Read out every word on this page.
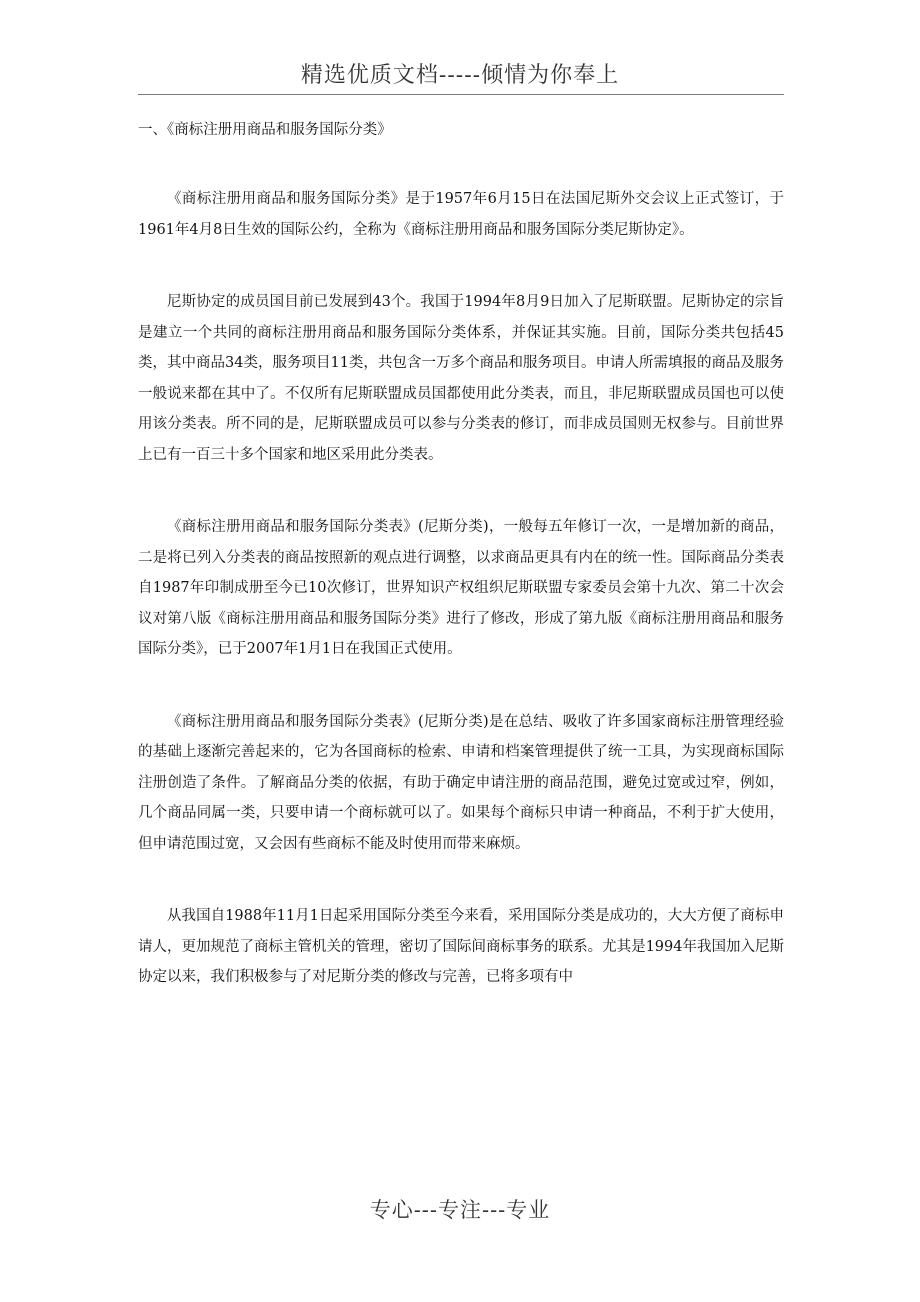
精选优质文档-----倾情为你奉上

一、《商标注册用商品和服务国际分类》

《商标注册用商品和服务国际分类》是于1957年6月15日在法国尼斯外交会议上正式签订，于1961年4月8日生效的国际公约，全称为《商标注册用商品和服务国际分类尼斯协定》。

尼斯协定的成员国目前已发展到43个。我国于1994年8月9日加入了尼斯联盟。尼斯协定的宗旨是建立一个共同的商标注册用商品和服务国际分类体系，并保证其实施。目前，国际分类共包括45类，其中商品34类，服务项目11类，共包含一万多个商品和服务项目。申请人所需填报的商品及服务一般说来都在其中了。不仅所有尼斯联盟成员国都使用此分类表，而且，非尼斯联盟成员国也可以使用该分类表。所不同的是，尼斯联盟成员可以参与分类表的修订，而非成员国则无权参与。目前世界上已有一百三十多个国家和地区采用此分类表。

《商标注册用商品和服务国际分类表》(尼斯分类)，一般每五年修订一次，一是增加新的商品，二是将已列入分类表的商品按照新的观点进行调整，以求商品更具有内在的统一性。国际商品分类表自1987年印制成册至今已10次修订，世界知识产权组织尼斯联盟专家委员会第十九次、第二十次会议对第八版《商标注册用商品和服务国际分类》进行了修改，形成了第九版《商标注册用商品和服务国际分类》，已于2007年1月1日在我国正式使用。

《商标注册用商品和服务国际分类表》(尼斯分类)是在总结、吸收了许多国家商标注册管理经验的基础上逐渐完善起来的，它为各国商标的检索、申请和档案管理提供了统一工具，为实现商标国际注册创造了条件。了解商品分类的依据，有助于确定申请注册的商品范围，避免过宽或过窄，例如，几个商品同属一类，只要申请一个商标就可以了。如果每个商标只申请一种商品，不利于扩大使用，但申请范围过宽，又会因有些商标不能及时使用而带来麻烦。

从我国自1988年11月1日起采用国际分类至今来看，采用国际分类是成功的，大大方便了商标申请人，更加规范了商标主管机关的管理，密切了国际间商标事务的联系。尤其是1994年我国加入尼斯协定以来，我们积极参与了对尼斯分类的修改与完善，已将多项有中

专心---专注---专业
